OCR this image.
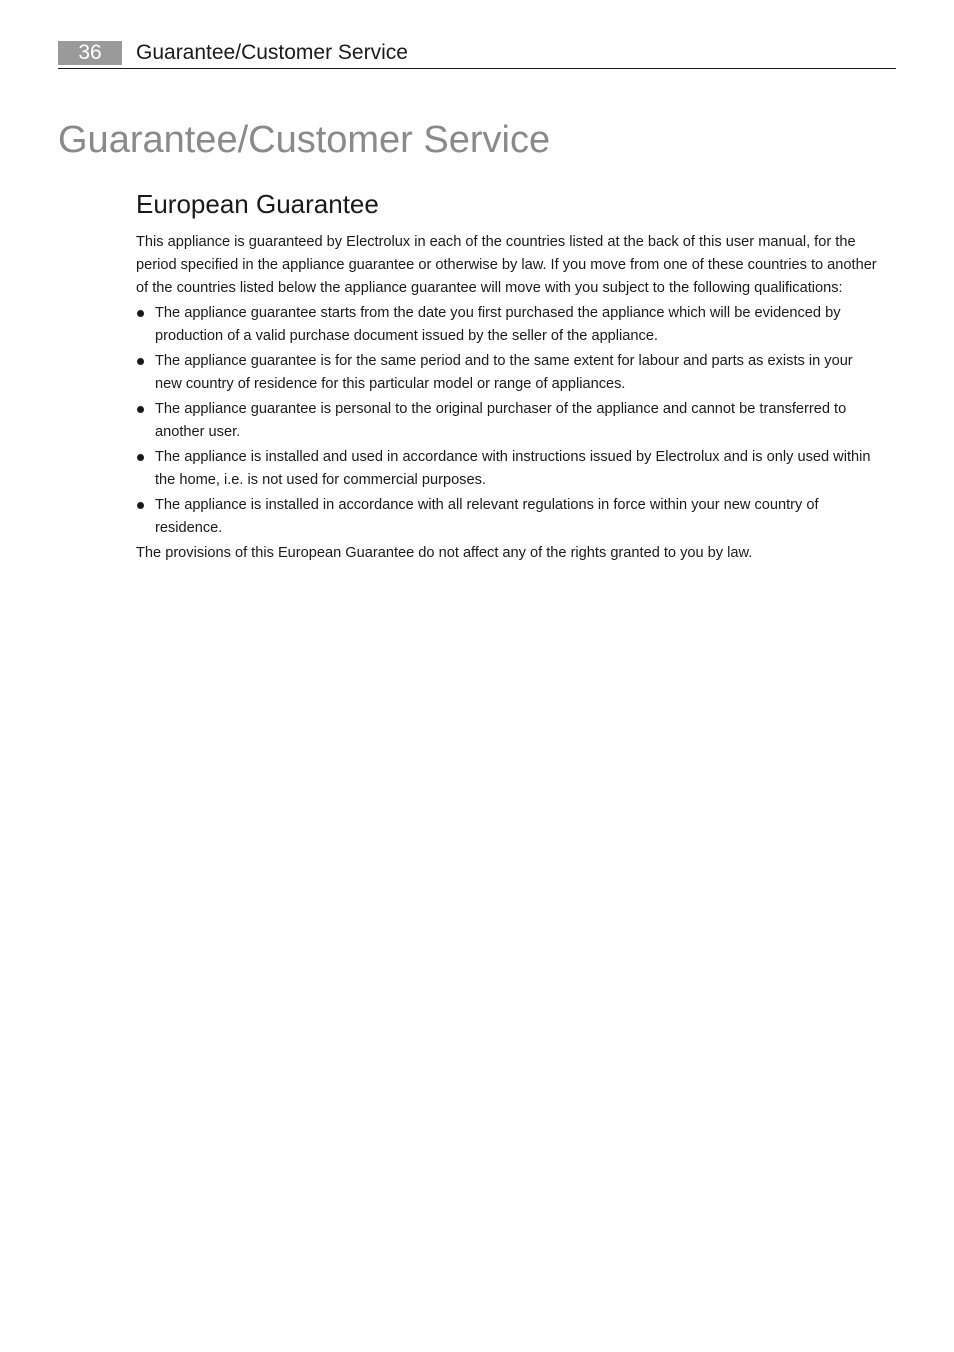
36	Guarantee/Customer Service
Guarantee/Customer Service
European Guarantee

This appliance is guaranteed by Electrolux in each of the countries listed at the back of this user manual, for the period specified in the appliance guarantee or otherwise by law. If you move from one of these countries to another of the countries listed below the appliance guarantee will move with you subject to the following qualifications:

The appliance guarantee starts from the date you first purchased the appliance which will be evidenced by production of a valid purchase document issued by the seller of the appliance.
The appliance guarantee is for the same period and to the same extent for labour and parts as exists in your new country of residence for this particular model or range of appliances.
The appliance guarantee is personal to the original purchaser of the appliance and cannot be transferred to another user.
The appliance is installed and used in accordance with instructions issued by Electrolux and is only used within the home, i.e. is not used for commercial purposes.
The appliance is installed in accordance with all relevant regulations in force within your new country of residence.

The provisions of this European Guarantee do not affect any of the rights granted to you by law.
